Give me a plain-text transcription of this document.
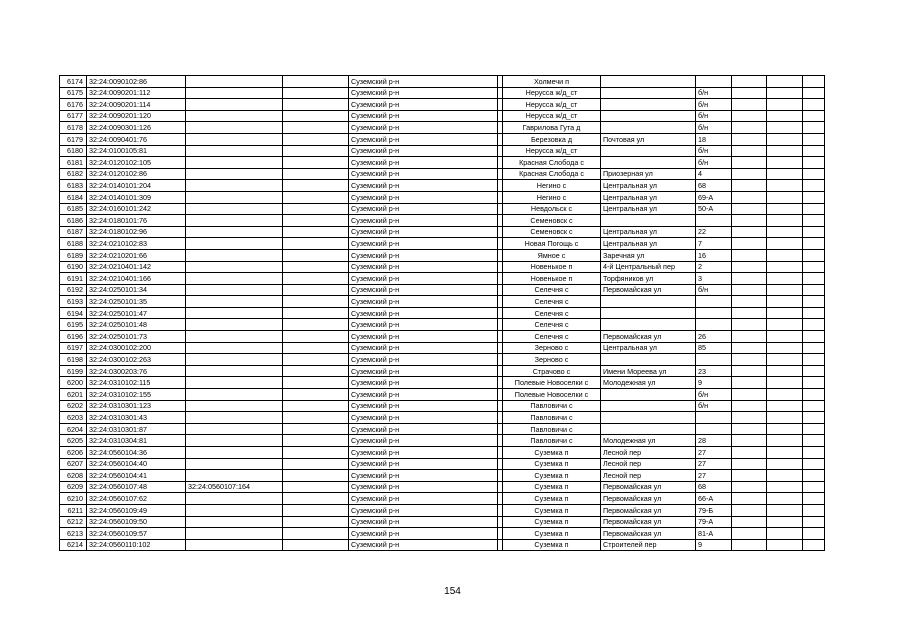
6174	32:24:0090102:86			Суземский р-н		Холмечи п					
6175	32:24:0090201:112			Суземский р-н		Нерусса ж/д_ст		б/н			
6176	32:24:0090201:114			Суземский р-н		Нерусса ж/д_ст		б/н			
6177	32:24:0090201:120			Суземский р-н		Нерусса ж/д_ст		б/н			
6178	32:24:0090301:126			Суземский р-н		Гаврилова Гута д		б/н			
6179	32:24:0090401:76			Суземский р-н		Березовка д	Почтовая ул	18			
6180	32:24:0100105:81			Суземский р-н		Нерусса ж/д_ст		б/н			
6181	32:24:0120102:105			Суземский р-н		Красная Слобода с		б/н			
6182	32:24:0120102:86			Суземский р-н		Красная Слобода с	Приозерная ул	4			
6183	32:24:0140101:204			Суземский р-н		Негино с	Центральная ул	68			
6184	32:24:0140101:309			Суземский р-н		Негино с	Центральная ул	69-А			
6185	32:24:0160101:242			Суземский р-н		Невдольск с	Центральная ул	50-А			
6186	32:24:0180101:76			Суземский р-н		Семеновск с					
6187	32:24:0180102:96			Суземский р-н		Семеновск с	Центральная ул	22			
6188	32:24:0210102:83			Суземский р-н		Новая Погощь с	Центральная ул	7			
6189	32:24:0210201:66			Суземский р-н		Ямное с	Заречная ул	16			
6190	32:24:0210401:142			Суземский р-н		Новенькое п	4-й Центральный пер	2			
6191	32:24:0210401:166			Суземский р-н		Новенькое п	Торфяников ул	3			
6192	32:24:0250101:34			Суземский р-н		Селечня с	Первомайская ул	б/н			
6193	32:24:0250101:35			Суземский р-н		Селечня с					
6194	32:24:0250101:47			Суземский р-н		Селечня с					
6195	32:24:0250101:48			Суземский р-н		Селечня с					
6196	32:24:0250101:73			Суземский р-н		Селечня с	Первомайская ул	26			
6197	32:24:0300102:200			Суземский р-н		Зерново с	Центральная ул	85			
6198	32:24:0300102:263			Суземский р-н		Зерново с					
6199	32:24:0300203:76			Суземский р-н		Страчово с	Имени Мореева ул	23			
6200	32:24:0310102:115			Суземский р-н		Полевые Новоселки с	Молодежная ул	9			
6201	32:24:0310102:155			Суземский р-н		Полевые Новоселки с		б/н			
6202	32:24:0310301:123			Суземский р-н		Павловичи с		б/н			
6203	32:24:0310301:43			Суземский р-н		Павловичи с					
6204	32:24:0310301:87			Суземский р-н		Павловичи с					
6205	32:24:0310304:81			Суземский р-н		Павловичи с	Молодежная ул	28			
6206	32:24:0560104:36			Суземский р-н		Суземка п	Лесной пер	27			
6207	32:24:0560104:40			Суземский р-н		Суземка п	Лесной пер	27			
6208	32:24:0560104:41			Суземский р-н		Суземка п	Лесной пер	27			
6209	32:24:0560107:48	32:24:0560107:164		Суземский р-н		Суземка п	Первомайская ул	68			
6210	32:24:0560107:62			Суземский р-н		Суземка п	Первомайская ул	66-А			
6211	32:24:0560109:49			Суземский р-н		Суземка п	Первомайская ул	79-Б			
6212	32:24:0560109:50			Суземский р-н		Суземка п	Первомайская ул	79-А			
6213	32:24:0560109:57			Суземский р-н		Суземка п	Первомайская ул	81-А			
6214	32:24:0560110:102			Суземский р-н		Суземка п	Строителей пер	9			
154
